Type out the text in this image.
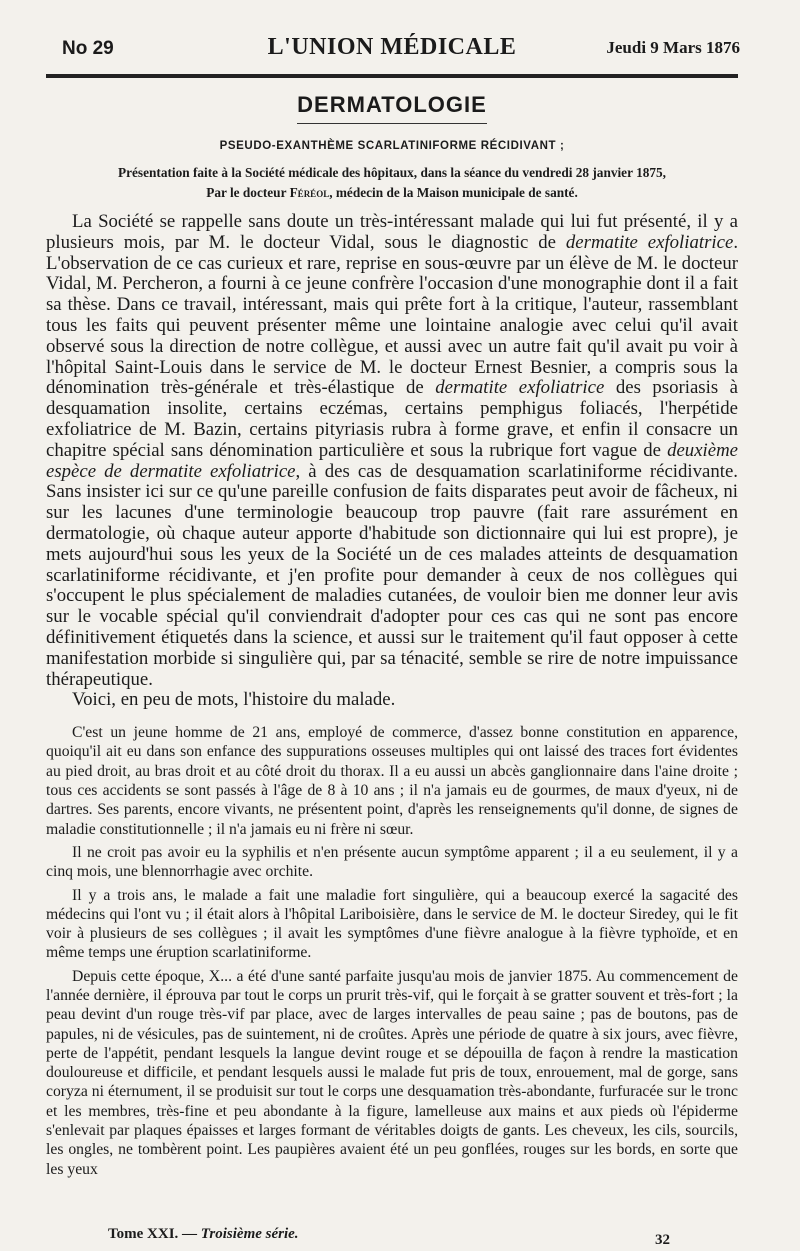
No 29	L'UNION MÉDICALE	Jeudi 9 Mars 1876
DERMATOLOGIE
PSEUDO-EXANTHÈME SCARLATINIFORME RÉCIDIVANT ;
Présentation faite à la Société médicale des hôpitaux, dans la séance du vendredi 28 janvier 1875,
Par le docteur Féréol, médecin de la Maison municipale de santé.

La Société se rappelle sans doute un très-intéressant malade qui lui fut présenté, il y a plusieurs mois, par M. le docteur Vidal, sous le diagnostic de dermatite exfoliatrice. L'observation de ce cas curieux et rare, reprise en sous-œuvre par un élève de M. le docteur Vidal, M. Percheron, a fourni à ce jeune confrère l'occasion d'une monographie dont il a fait sa thèse. Dans ce travail, intéressant, mais qui prête fort à la critique, l'auteur, rassemblant tous les faits qui peuvent présenter même une lointaine analogie avec celui qu'il avait observé sous la direction de notre collègue, et aussi avec un autre fait qu'il avait pu voir à l'hôpital Saint-Louis dans le service de M. le docteur Ernest Besnier, a compris sous la dénomination très-générale et très-élastique de dermatite exfoliatrice des psoriasis à desquamation insolite, certains eczémas, certains pemphigus foliacés, l'herpétide exfoliatrice de M. Bazin, certains pityriasis rubra à forme grave, et enfin il consacre un chapitre spécial sans dénomination particulière et sous la rubrique fort vague de deuxième espèce de dermatite exfoliatrice, à des cas de desquamation scarlatiniforme récidivante. Sans insister ici sur ce qu'une pareille confusion de faits disparates peut avoir de fâcheux, ni sur les lacunes d'une terminologie beaucoup trop pauvre (fait rare assurément en dermatologie, où chaque auteur apporte d'habitude son dictionnaire qui lui est propre), je mets aujourd'hui sous les yeux de la Société un de ces malades atteints de desquamation scarlatiniforme récidivante, et j'en profite pour demander à ceux de nos collègues qui s'occupent le plus spécialement de maladies cutanées, de vouloir bien me donner leur avis sur le vocable spécial qu'il conviendrait d'adopter pour ces cas qui ne sont pas encore définitivement étiquetés dans la science, et aussi sur le traitement qu'il faut opposer à cette manifestation morbide si singulière qui, par sa ténacité, semble se rire de notre impuissance thérapeutique.

Voici, en peu de mots, l'histoire du malade.

C'est un jeune homme de 21 ans, employé de commerce, d'assez bonne constitution en apparence, quoiqu'il ait eu dans son enfance des suppurations osseuses multiples qui ont laissé des traces fort évidentes au pied droit, au bras droit et au côté droit du thorax. Il a eu aussi un abcès ganglionnaire dans l'aine droite ; tous ces accidents se sont passés à l'âge de 8 à 10 ans ; il n'a jamais eu de gourmes, de maux d'yeux, ni de dartres. Ses parents, encore vivants, ne présentent point, d'après les renseignements qu'il donne, de signes de maladie constitutionnelle ; il n'a jamais eu ni frère ni sœur.

Il ne croit pas avoir eu la syphilis et n'en présente aucun symptôme apparent ; il a eu seulement, il y a cinq mois, une blennorrhagie avec orchite.

Il y a trois ans, le malade a fait une maladie fort singulière, qui a beaucoup exercé la sagacité des médecins qui l'ont vu ; il était alors à l'hôpital Lariboisière, dans le service de M. le docteur Siredey, qui le fit voir à plusieurs de ses collègues ; il avait les symptômes d'une fièvre analogue à la fièvre typhoïde, et en même temps une éruption scarlatiniforme.

Depuis cette époque, X... a été d'une santé parfaite jusqu'au mois de janvier 1875. Au commencement de l'année dernière, il éprouva par tout le corps un prurit très-vif, qui le forçait à se gratter souvent et très-fort ; la peau devint d'un rouge très-vif par place, avec de larges intervalles de peau saine ; pas de boutons, pas de papules, ni de vésicules, pas de suintement, ni de croûtes. Après une période de quatre à six jours, avec fièvre, perte de l'appétit, pendant lesquels la langue devint rouge et se dépouilla de façon à rendre la mastication douloureuse et difficile, et pendant lesquels aussi le malade fut pris de toux, enrouement, mal de gorge, sans coryza ni éternument, il se produisit sur tout le corps une desquamation très-abondante, furfuracée sur le tronc et les membres, très-fine et peu abondante à la figure, lamelleuse aux mains et aux pieds où l'épiderme s'enlevait par plaques épaisses et larges formant de véritables doigts de gants. Les cheveux, les cils, sourcils, les ongles, ne tombèrent point. Les paupières avaient été un peu gonflées, rouges sur les bords, en sorte que les yeux

Tome XXI. — Troisième série.	32
